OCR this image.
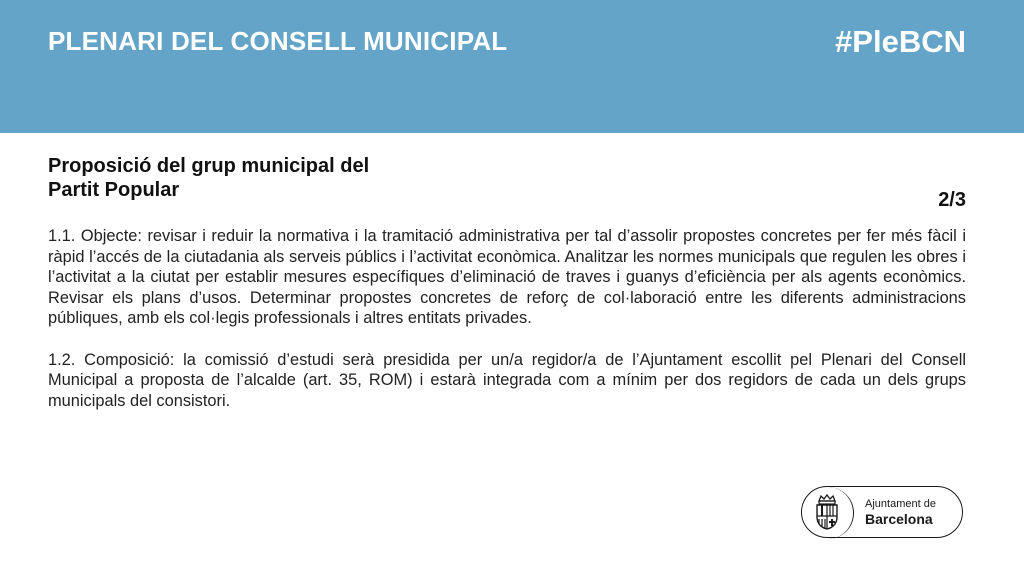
PLENARI DEL CONSELL MUNICIPAL	#PleBCN
Proposició del grup municipal del
Partit Popular	2/3

1.1. Objecte: revisar i reduir la normativa i la tramitació administrativa per tal d’assolir propostes concretes per fer més fàcil i ràpid l’accés de la ciutadania als serveis públics i l’activitat econòmica. Analitzar les normes municipals que regulen les obres i l’activitat a la ciutat per establir mesures específiques d’eliminació de traves i guanys d’eficiència per als agents econòmics. Revisar els plans d’usos. Determinar propostes concretes de reforç de col·laboració entre les diferents administracions públiques, amb els col·legis professionals i altres entitats privades.

1.2. Composició: la comissió d’estudi serà presidida per un/a regidor/a de l’Ajuntament escollit pel Plenari del Consell Municipal a proposta de l’alcalde (art. 35, ROM) i estarà integrada com a mínim per dos regidors de cada un dels grups municipals del consistori.

Ajuntament de
Barcelona
